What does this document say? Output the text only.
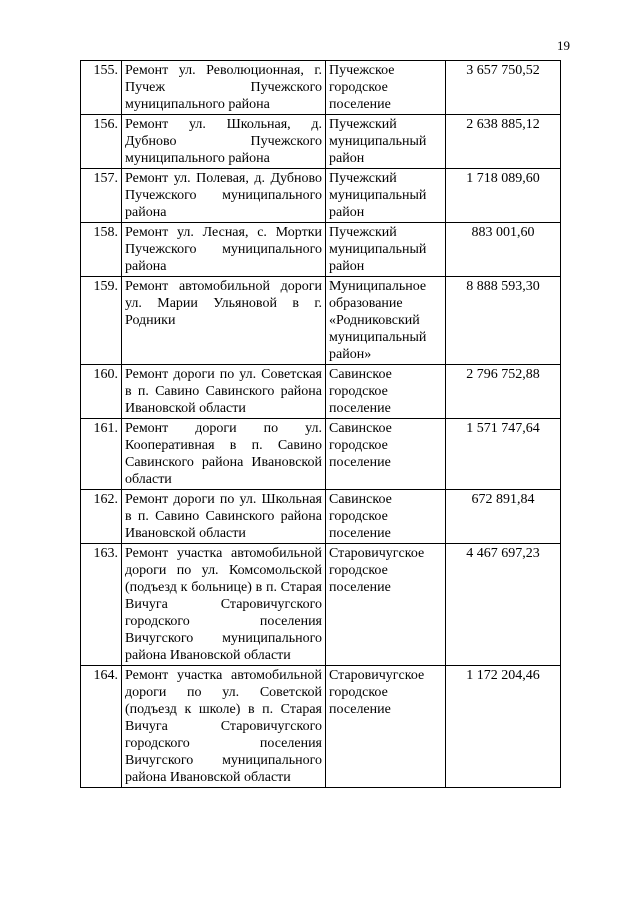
19
155.	Ремонт ул. Революционная, г. Пучеж Пучежского муниципального района	Пучежское городское поселение	3 657 750,52
156.	Ремонт ул. Школьная, д. Дубново Пучежского муниципального района	Пучежский муниципальный район	2 638 885,12
157.	Ремонт ул. Полевая, д. Дубново Пучежского муниципального района	Пучежский муниципальный район	1 718 089,60
158.	Ремонт ул. Лесная, с. Мортки Пучежского муниципального района	Пучежский муниципальный район	883 001,60
159.	Ремонт автомобильной дороги ул. Марии Ульяновой в г. Родники	Муниципальное образование «Родниковский муниципальный район»	8 888 593,30
160.	Ремонт дороги по ул. Советская в п. Савино Савинского района Ивановской области	Савинское городское поселение	2 796 752,88
161.	Ремонт дороги по ул. Кооперативная в п. Савино Савинского района Ивановской области	Савинское городское поселение	1 571 747,64
162.	Ремонт дороги по ул. Школьная в п. Савино Савинского района Ивановской области	Савинское городское поселение	672 891,84
163.	Ремонт участка автомобильной дороги по ул. Комсомольской (подъезд к больнице) в п. Старая Вичуга Старовичугского городского поселения Вичугского муниципального района Ивановской области	Старовичугское городское поселение	4 467 697,23
164.	Ремонт участка автомобильной дороги по ул. Советской (подъезд к школе) в п. Старая Вичуга Старовичугского городского поселения Вичугского муниципального района Ивановской области	Старовичугское городское поселение	1 172 204,46
